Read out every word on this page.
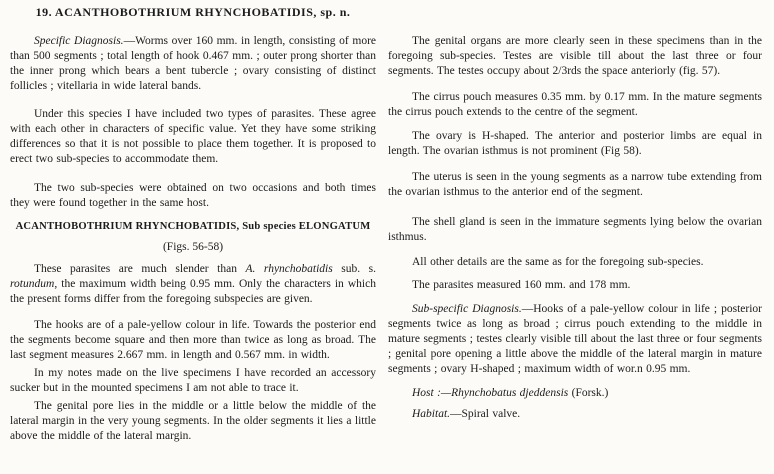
19. ACANTHOBOTHRIUM RHYNCHOBATIDIS, sp. n.

Specific Diagnosis.—Worms over 160 mm. in length, consisting of more than 500 segments ; total length of hook 0.467 mm. ; outer prong shorter than the inner prong which bears a bent tubercle ; ovary consisting of distinct follicles ; vitellaria in wide lateral bands.

Under this species I have included two types of parasites. These agree with each other in characters of specific value. Yet they have some striking differences so that it is not possible to place them together. It is proposed to erect two sub-species to accommodate them.

The two sub-species were obtained on two occasions and both times they were found together in the same host.

ACANTHOBOTHRIUM RHYNCHOBATIDIS, Sub species ELONGATUM
(Figs. 56-58)

These parasites are much slender than A. rhynchobatidis sub. s. rotundum, the maximum width being 0.95 mm. Only the characters in which the present forms differ from the foregoing subspecies are given.

The hooks are of a pale-yellow colour in life. Towards the posterior end the segments become square and then more than twice as long as broad. The last segment measures 2.667 mm. in length and 0.567 mm. in width.

In my notes made on the live specimens I have recorded an accessory sucker but in the mounted specimens I am not able to trace it.

The genital pore lies in the middle or a little below the middle of the lateral margin in the very young segments. In the older segments it lies a little above the middle of the lateral margin.

The genital organs are more clearly seen in these specimens than in the foregoing sub-species. Testes are visible till about the last three or four segments. The testes occupy about 2/3rds the space anteriorly (fig. 57).

The cirrus pouch measures 0.35 mm. by 0.17 mm. In the mature segments the cirrus pouch extends to the centre of the segment.

The ovary is H-shaped. The anterior and posterior limbs are equal in length. The ovarian isthmus is not prominent (Fig 58).

The uterus is seen in the young segments as a narrow tube extending from the ovarian isthmus to the anterior end of the segment.

The shell gland is seen in the immature segments lying below the ovarian isthmus.

All other details are the same as for the foregoing sub-species.

The parasites measured 160 mm. and 178 mm.

Sub-specific Diagnosis.—Hooks of a pale-yellow colour in life ; posterior segments twice as long as broad ; cirrus pouch extending to the middle in mature segments ; testes clearly visible till about the last three or four segments ; genital pore opening a little above the middle of the lateral margin in mature segments ; ovary H-shaped ; maximum width of wor.n 0.95 mm.

Host :—Rhynchobatus djeddensis (Forsk.)

Habitat.—Spiral valve.
